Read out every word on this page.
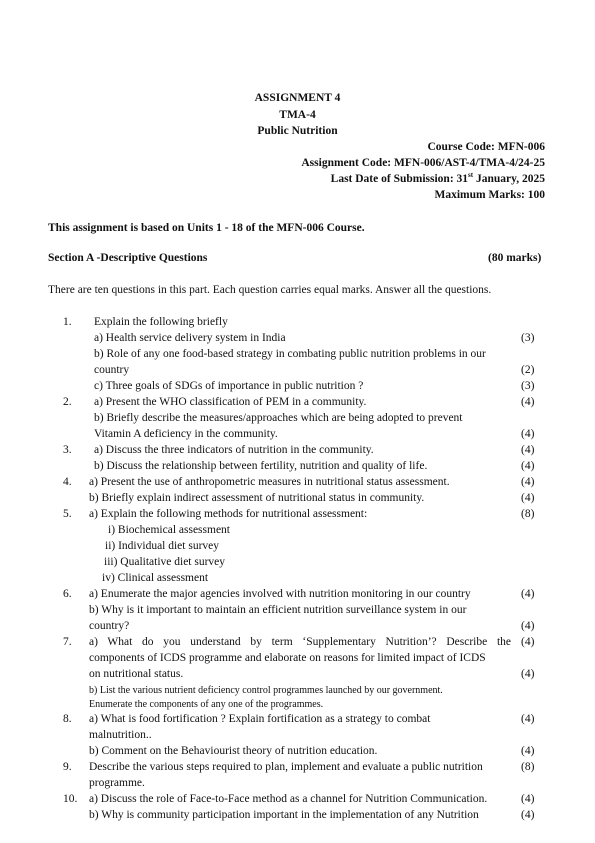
ASSIGNMENT 4
TMA-4
Public Nutrition
Course Code: MFN-006
Assignment Code: MFN-006/AST-4/TMA-4/24-25
Last Date of Submission: 31st January, 2025
Maximum Marks: 100
This assignment is based on Units 1 - 18 of the MFN-006 Course.
Section A -Descriptive Questions	(80 marks)
There are ten questions in this part. Each question carries equal marks. Answer all the questions.
1. Explain the following briefly
a) Health service delivery system in India	(3)
b) Role of any one food-based strategy in combating public nutrition problems in our
country	(2)
c) Three goals of SDGs of importance in public nutrition ?	(3)
2. a) Present the WHO classification of PEM in a community.	(4)
b) Briefly describe the measures/approaches which are being adopted to prevent
Vitamin A deficiency in the community.	(4)
3. a) Discuss the three indicators of nutrition in the community.	(4)
b) Discuss the relationship between fertility, nutrition and quality of life.	(4)
4. a) Present the use of anthropometric measures in nutritional status assessment.	(4)
b) Briefly explain indirect assessment of nutritional status in community.	(4)
5. a) Explain the following methods for nutritional assessment:	(8)
i) Biochemical assessment
ii) Individual diet survey
iii) Qualitative diet survey
iv) Clinical assessment
6. a) Enumerate the major agencies involved with nutrition monitoring in our country	(4)
b) Why is it important to maintain an efficient nutrition surveillance system in our
country?	(4)
7. a) What do you understand by term ‘Supplementary Nutrition’? Describe the (4)
components of ICDS programme and elaborate on reasons for limited impact of ICDS
on nutritional status.	(4)
b) List the various nutrient deficiency control programmes launched by our government.
Enumerate the components of any one of the programmes.
8. a) What is food fortification ? Explain fortification as a strategy to combat	(4)
malnutrition..
b) Comment on the Behaviourist theory of nutrition education.	(4)
9. Describe the various steps required to plan, implement and evaluate a public nutrition	(8)
programme.
10. a) Discuss the role of Face-to-Face method as a channel for Nutrition Communication.	(4)
b) Why is community participation important in the implementation of any Nutrition	(4)
